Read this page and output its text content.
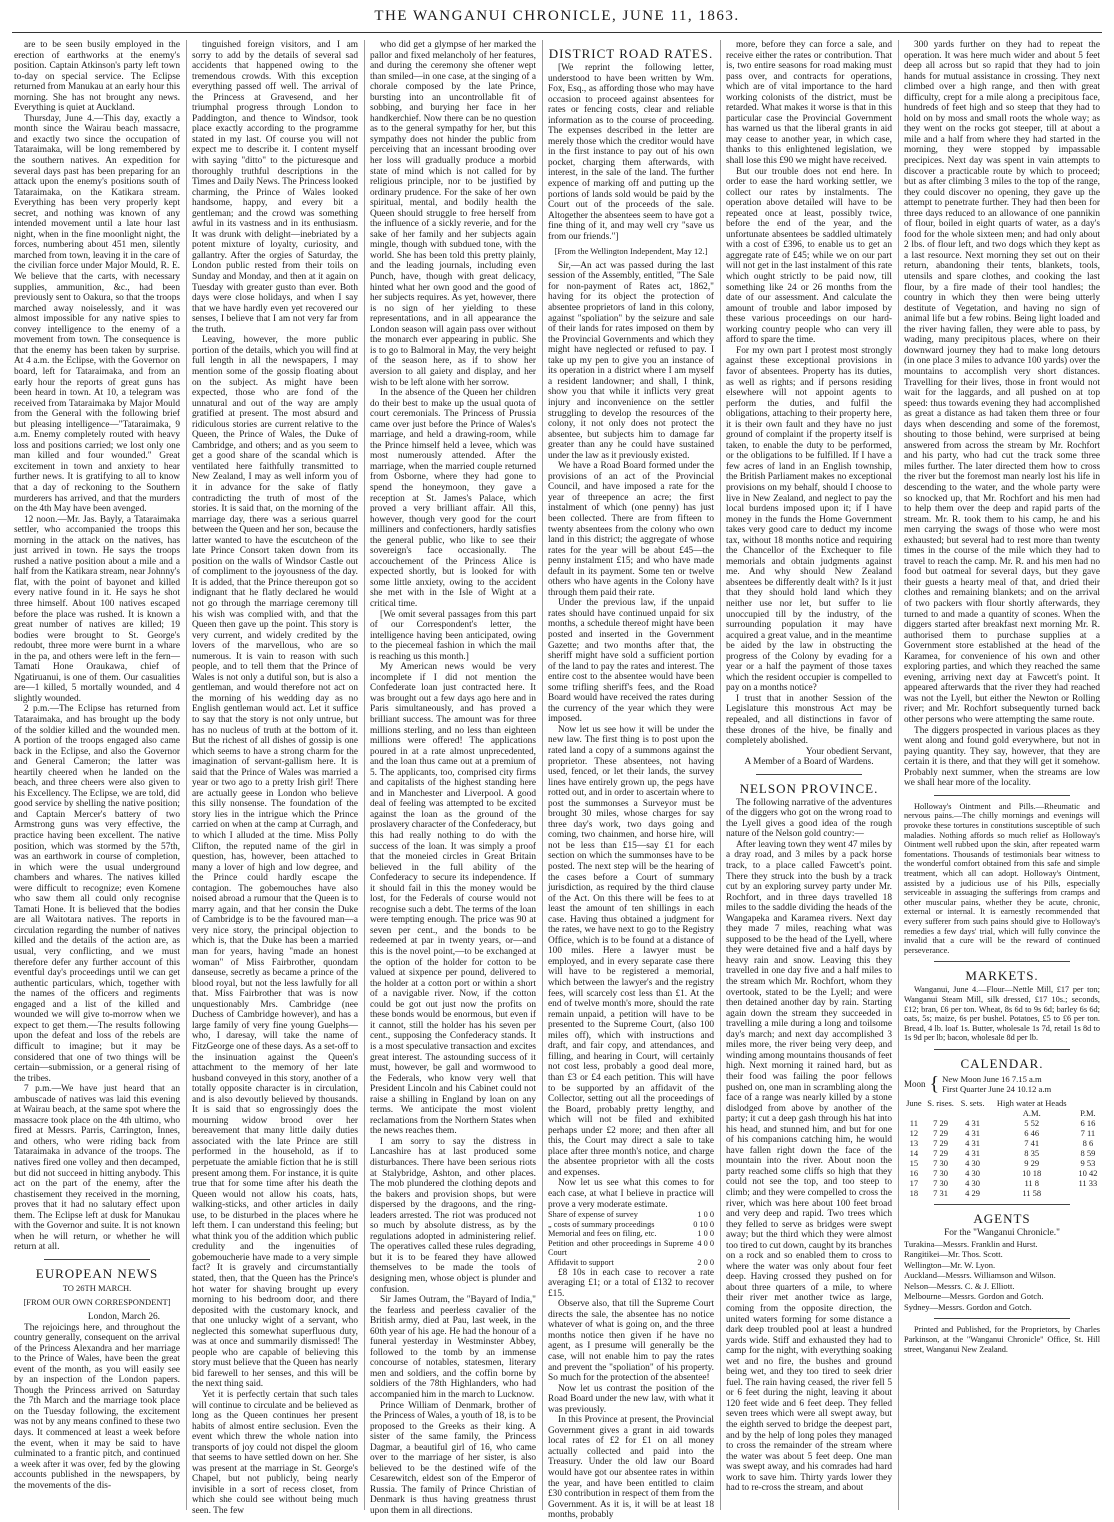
THE WANGANUI CHRONICLE, JUNE 11, 1863.

are to be seen busily employed in the erection of earthworks at the enemy's position. Captain Atkinson's party left town to-day on special service. The Eclipse returned from Manukau at an early hour this morning. She has not brought any news. Everything is quiet at Auckland.

Thursday, June 4.—This day, exactly a month since the Wairau beach massacre, and exactly two since the occupation of Tataraimaka, will be long remembered by the southern natives. An expedition for several days past has been preparing for an attack upon the enemy's positions south of Tataraimaka, on the Katikara stream. Everything has been very properly kept secret, and nothing was known of any intended movement until a late hour last night, when in the fine moonlight night, the forces, numbering about 451 men, silently marched from town, leaving it in the care of the civilian force under Major Mould, R. E. We believe that the carts, with necessary supplies, ammunition, &c., had been previously sent to Oakura, so that the troops marched away noiselessly, and it was almost impossible for any native spies to convey intelligence to the enemy of a movement from town. The consequence is that the enemy has been taken by surprise. At 4 a.m. the Eclipse, with the Governor on board, left for Tataraimaka, and from an early hour the reports of great guns has been heard in town. At 10, a telegram was received from Tataraimaka by Major Mould from the General with the following brief but pleasing intelligence—"Tataraimaka, 9 a.m. Enemy completely routed with heavy loss and positions carried; we lost only one man killed and four wounded." Great excitement in town and anxiety to hear further news. It is gratifying to all to know that a day of reckoning to the Southern murderers has arrived, and that the murders on the 4th May have been avenged.

12 noon.—Mr. Jas. Bayly, a Tataraimaka settler, who accompanied the troops this morning in the attack on the natives, has just arrived in town. He says the troops rushed a native position about a mile and a half from the Katikara stream, near Johnny's flat, with the point of bayonet and killed every native found in it. He says he shot three himself. About 100 natives escaped before the place was rushed. It is known a great number of natives are killed; 19 bodies were brought to St. George's redoubt, three more were burnt in a whare in the pa, and others were left in the fern—Tamati Hone Oraukawa, chief of Ngatiruanui, is one of them. Our casualities are—1 killed, 5 mortally wounded, and 4 slightly wounded.

2 p.m.—The Eclipse has returned from Tataraimaka, and has brought up the body of the soldier killed and the wounded men. A portion of the troops engaged also came back in the Eclipse, and also the Governor and General Cameron; the latter was heartily cheered when he landed on the beach, and three cheers were also given to his Excellency. The Eclipse, we are told, did good service by shelling the native position; and Captain Mercer's battery of two Armstrong guns was very effective, the practice having been excellent. The native position, which was stormed by the 57th, was an earthwork in course of completion, in which were the usual underground chambers and whares. The natives killed were difficult to recognize; even Komene who saw them all could only recognise Tamati Hone. It is believed that the bodies are all Waitotara natives. The reports in circulation regarding the number of natives killed and the details of the action are, as usual, very conflicting, and we must therefore defer any further account of this eventful day's proceedings until we can get authentic particulars, which, together with the names of the officers and regiments engaged and a list of the killed and wounded we will give to-morrow when we expect to get them.—The results following upon the defeat and loss of the rebels are difficult to imagine; but it may be considered that one of two things will be certain—submission, or a general rising of the tribes.

7 p.m.—We have just heard that an ambuscade of natives was laid this evening at Wairau beach, at the same spot where the massacre took place on the 4th ultimo, who fired at Messrs. Parris, Carrington, Innes, and others, who were riding back from Tataraimaka in advance of the troops. The natives fired one volley and then decamped, but did not succeed in hitting anybody. This act on the part of the enemy, after the chastisement they received in the morning, proves that it had no salutary effect upon them. The Eclipse left at dusk for Manukau with the Governor and suite. It is not known when he will return, or whether he will return at all.

EUROPEAN NEWS

TO 26TH MARCH.

[FROM OUR OWN CORRESPONDENT]

London, March 26.

The rejoicings here, and throughout the country generally, consequent on the arrival of the Princess Alexandra and her marriage to the Prince of Wales, have been the great event of the month, as you will easily see by an inspection of the London papers. Though the Princess arrived on Saturday the 7th March and the marriage took place on the Tuesday following, the excitement was not by any means confined to these two days. It commenced at least a week before the event, when it may be said to have culminated to a frantic pitch, and continued a week after it was over, fed by the glowing accounts published in the newspapers, by the movements of the dis-

tinguished foreign visitors, and I am sorry to add by the details of several sad accidents that happened owing to the tremendous crowds. With this exception everything passed off well. The arrival of the Princess at Gravesend, and her triumphal progress through London to Paddington, and thence to Windsor, took place exactly according to the programme stated in my last. Of course you will not expect me to describe it. I content myself with saying "ditto" to the picturesque and thoroughly truthful descriptions in the Times and Daily News. The Princess looked charming, the Prince of Wales looked handsome, happy, and every bit a gentleman; and the crowd was something awful in its vastness and in its enthusiasm. It was drunk with delight—inebriated by a potent mixture of loyalty, curiosity, and gallantry. After the orgies of Saturday, the London public rested from their toils on Sunday and Monday, and then at it again on Tuesday with greater gusto than ever. Both days were close holidays, and when I say that we have hardly even yet recovered our senses, I believe that I am not very far from the truth.

Leaving, however, the more public portion of the details, which you will find at full length in all the newspapers, I may mention some of the gossip floating about on the subject. As might have been expected, those who are fond of the unnatural and out of the way are amply gratified at present. The most absurd and ridiculous stories are current relative to the Queen, the Prince of Wales, the Duke of Cambridge, and others; and as you seem to get a good share of the scandal which is ventilated here faithfully transmitted to New Zealand, I may as well inform you of it in advance for the sake of flatly contradicting the truth of most of the stories. It is said that, on the morning of the marriage day, there was a serious quarrel between the Queen and her son, because the latter wanted to have the escutcheon of the late Prince Consort taken down from its position on the walls of Windsor Castle out of compliment to the joyousness of the day. It is added, that the Prince thereupon got so indignant that he flatly declared he would not go through the marriage ceremony till his wish was complied with, and that the Queen then gave up the point. This story is very current, and widely credited by the lovers of the marvellous, who are so numerous. It is vain to reason with such people, and to tell them that the Prince of Wales is not only a dutiful son, but is also a gentleman, and would therefore not act on the morning of his wedding day as no English gentleman would act. Let it suffice to say that the story is not only untrue, but has no nucleus of truth at the bottom of it. But the richest of all dishes of gossip is one which seems to have a strong charm for the imagination of servant-gallism here. It is said that the Prince of Wales was married a year or two ago to a pretty Irish girl! There are actually geese in London who believe this silly nonsense. The foundation of the story lies in the intrigue which the Prince carried on when at the camp at Curragh, and to which I alluded at the time. Miss Polly Clifton, the reputed name of the girl in question, has, however, been attached to many a lover of high and low degree, and the Prince could hardly escape the contagion. The gobemouches have also noised abroad a rumour that the Queen is to marry again, and that her consin the Duke of Cambridge is to be the favoured man—a very nice story, the principal objection to which is, that the Duke has been a married man for years, having "made an honest woman" of Miss Fairbrother, quondam danseuse, secretly as became a prince of the blood royal, but not the less lawfully for all that. Miss Fairbrother that was is now unquestionably Mrs. Cambridge (nee Duchess of Cambridge however), and has a large family of very fine young Guelphs—who, I daresay, will take the name of FitzGeorge one of these days. As a set-off to the insinuation against the Queen's attachment to the memory of her late husband conveyed in this story, another of a totally opposite character is in circulation, and is also devoutly believed by thousands. It is said that so engrossingly does the mourning widow brood over her bereavement that many little daily duties associated with the late Prince are still performed in the household, as if to perpetuate the amiable fiction that he is still present among them. For instance, it is quite true that for some time after his death the Queen would not allow his coats, hats, walking-sticks, and other articles in daily use, to be disturbed in the places where he left them. I can understand this feeling; but what think you of the addition which public credulity and the ingenuities of gobemoucherie have made to a very simple fact? It is gravely and circumstantially stated, then, that the Queen has the Prince's hot water for shaving brought up every morning to his bedroom door, and there deposited with the customary knock, and that one unlucky wight of a servant, who neglected this somewhat superfluous duty, was at once and summarily dismissed! The people who are capable of believing this story must believe that the Queen has nearly bid farewell to her senses, and this will be the next thing said.

Yet it is perfectly certain that such tales will continue to circulate and be believed as long as the Queen continues her present habits of almost entire seclusion. Even the event which threw the whole nation into transports of joy could not dispel the gloom that seems to have settled down on her. She was present at the marriage in St. George's Chapel, but not publicly, being nearly invisible in a sort of recess closet, from which she could see without being much seen. The few

who did get a glympse of her marked the pallor and fixed melancholy of her features, and during the ceremony she oftener wept than smiled—in one case, at the singing of a chorale composed by the late Prince, bursting into an uncontrollable fit of sobbing, and burying her face in her handkerchief. Now there can be no question as to the general sympathy for her, but this sympathy does not hinder the public from perceiving that an incessant brooding over her loss will gradually produce a morbid state of mind which is not called for by religious principle, nor to be justified by ordinary prudence. For the sake of her own spiritual, mental, and bodily health the Queen should struggle to free herself from the influence of a sickly reverie, and for the sake of her family and her subjects again mingle, though with subdued tone, with the world. She has been told this pretty plainly, and the leading journals, including even Punch, have, though with great delicacy, hinted what her own good and the good of her subjects requires. As yet, however, there is no sign of her yielding to these representations, and in all appearance the London season will again pass over without the monarch ever appearing in public. She is to go to Balmoral in May, the very height of the season here, as if to show her aversion to all gaiety and display, and her wish to be left alone with her sorrow.

In the absence of the Queen her children do their best to make up the usual quota of court ceremonials. The Princess of Prussia came over just before the Prince of Wales's marriage, and held a drawing-room, while the Prince himself held a levee, which was most numerously attended. After the marriage, when the married couple returned from Osborne, where they had gone to spend the honeymoon, they gave a reception at St. James's Palace, which proved a very brilliant affair. All this, however, though very good for the court milliners and confectioners, hardly satisfies the general public, who like to see their sovereign's face occasionally. The accouchement of the Princess Alice is expected shortly, but is looked for with some little anxiety, owing to the accident she met with in the Isle of Wight at a critical time.

[We omit several passages from this part of our Correspondent's letter, the intelligence having been anticipated, owing to the piecemeal fashion in which the mail is reaching us this month.]

My American news would be very incomplete if I did not mention the Confederate loan just contracted here. It was brought out a few days ago here and in Paris simultaneously, and has proved a brilliant success. The amount was for three millions sterling, and no less than eighteen millions were offered! The applications poured in at a rate almost unprecedented, and the loan thus came out at a premium of 5. The applicants, too, comprised city firms and capitalists of the highest standing here and in Manchester and Liverpool. A good deal of feeling was attempted to be excited against the loan as the ground of the proslavery character of the Confederacy, but this had really nothing to do with the success of the loan. It was simply a proof that the moneied circles in Great Britain believed in the full ability of the Confederacy to secure its independence. If it should fail in this the money would be lost, for the Federals of course would not recognise such a debt. The terms of the loan were tempting enough. The price was 90 at seven per cent., and the bonds to be redeemed at par in twenty years, or—and this is the novel point,—to be exchanged at the option of the holder for cotton to be valued at sixpence per pound, delivered to the holder at a cotton port or within a short of a navigable river. Now, if the cotton could be got out just now the profits on these bonds would be enormous, but even if it cannot, still the holder has his seven per cent., supposing the Confederacy stands. It is a most speculative transaction and excites great interest. The astounding success of it must, however, be gall and wormwood to the Federals, who know very well that President Lincoln and his Cabinet could not raise a shilling in England by loan on any terms. We anticipate the most violent reclamations from the Northern States when the news reaches them.

I am sorry to say the distress in Lancashire has at last produced some disturbances. There have been serious riots at Stalybridge, Ashton, and other places. The mob plundered the clothing depots and the bakers and provision shops, but were dispersed by the dragoons, and the ring-leaders arrested. The riot was produced not so much by absolute distress, as by the regulations adopted in administering relief. The operatives called these rules degrading, but it is to be feared they have allowed themselves to be made the tools of designing men, whose object is plunder and confusion.

Sir James Outram, the "Bayard of India," the fearless and peerless cavalier of the British army, died at Pau, last week, in the 60th year of his age. He had the honour of a funeral yesterday in Westminster Abbey, followed to the tomb by an immense concourse of notables, statesmen, literary men and soldiers, and the coffin borne by soldiers of the 78th Highlanders, who had accompanied him in the march to Lucknow.

Prince William of Denmark, brother of the Princess of Wales, a youth of 18, is to be proposed to the Greeks as their king. A sister of the same family, the Princess Dagmar, a beautiful girl of 16, who came over to the marriage of her sister, is also believed to be the destined wife of the Cesarewitch, eldest son of the Emperor of Russia. The family of Prince Christian of Denmark is thus having greatness thrust upon them in all directions.

DISTRICT ROAD RATES.

[We reprint the following letter, understood to have been written by Wm. Fox, Esq., as affording those who may have occasion to proceed against absentees for rates or fencing costs, clear and reliable information as to the course of proceeding. The expenses described in the letter are merely those which the creditor would have in the first instance to pay out of his own pocket, charging them afterwards, with interest, in the sale of the land. The further expence of marking off and putting up the portions of lands sold would be paid by the Court out of the proceeds of the sale. Altogether the absentees seem to have got a fine thing of it, and may well cry "save us from our friends."]

[From the Wellington Independent, May 12.]

Sir,—An act was passed during the last session of the Assembly, entitled, "The Sale for non-payment of Rates act, 1862," having for its object the protection of absentee proprietors of land in this colony, against "spoliation" by the seizure and sale of their lands for rates imposed on them by the Provincial Governments and which they might have neglected or refused to pay. I take up my pen to give you an instance of its operation in a district where I am myself a resident landowner; and shall, I think, show you that while it inflicts very great injury and inconvenience on the settler struggling to develop the resources of the colony, it not only does not protect the absentee, but subjects him to damage far greater than any he could have sustained under the law as it previously existed.

We have a Road Board formed under the provisions of an act of the Provincial Council, and have imposed a rate for the year of threepence an acre; the first instalment of which (one penny) has just been collected. There are from fifteen to twenty absentees from the colony who own land in this district; the aggregate of whose rates for the year will be about £45—the penny instalment £15; and who have made default in its payment. Some ten or twelve others who have agents in the Colony have through them paid their rate.

Under the previous law, if the unpaid rates should have continued unpaid for six months, a schedule thereof might have been posted and inserted in the Government Gazette; and two months after that, the sheriff might have sold a sufficient portion of the land to pay the rates and interest. The entire cost to the absentee would have been some trifling sheriff's fees, and the Road Board would have received the rates during the currency of the year which they were imposed.

Now let us see how it will be under the new law. The first thing is to post upon the rated land a copy of a summons against the proprietor. These absentees, not having used, fenced, or let their lands, the survey lines have entirely grown up, the pegs have rotted out, and in order to ascertain where to post the summonses a Surveyor must be brought 30 miles, whose charges for say three day's work, two days going and coming, two chainmen, and horse hire, will not be less than £15—say £1 for each section on which the summonses have to be posted. The next step will be the hearing of the cases before a Court of summary jurisdiction, as required by the third clause of the Act. On this there will be fees to at least the amount of ten shillings in each case. Having thus obtained a judgment for the rates, we have next to go to the Registry Office, which is to be found at a distance of 100 miles. Here a lawyer must be employed, and in every separate case there will have to be registered a memorial, which between the lawyer's and the registry fees, will scarcely cost less than £1. At the end of twelve month's more, should the rate remain unpaid, a petition will have to be presented to the Supreme Court, (also 100 miles off), which with instructions and draft, and fair copy, and attendances, and filling, and hearing in Court, will certainly not cost less, probably a good deal more, than £3 or £4 each petition. This will have to be supported by an affidavit of the Collector, setting out all the proceedings of the Board, probably pretty lengthy, and which will not be filed and exhibited perhaps under £2 more; and then after all this, the Court may direct a sale to take place after three month's notice, and charge the absentee proprietor with all the costs and expenses.

Now let us see what this comes to for each case, at what I believe in practice will prove a very moderate estimate.

Share of expense of survey	1 0 0
„ costs of summary proceedings	0 10 0
Memorial and fees on filing, etc.	1 0 0
Petition and other proceedings in Supreme Court
4 0 0
Affidavit to support	2 0 0

£8 10s in each case to recover a rate averaging £1; or a total of £132 to recover £15.

Observe also, that till the Supreme Court directs the sale, the absentee has no notice whatever of what is going on, and the three months notice then given if he have no agent, as I presume will generally be the case, will not enable him to pay the rates and prevent the "spoliation" of his property. So much for the protection of the absentee!

Now let us contrast the position of the Road Board under the new law, with what it was previously.

In this Province at present, the Provincial Government gives a grant in aid towards local rates of £2 for £1 on all money actually collected and paid into the Treasury. Under the old law our Board would have got our absentee rates in within the year, and have been entitled to claim £30 contribution in respect of them from the Government. As it is, it will be at least 18 months, probably

more, before they can force a sale, and receive either the rates or contribution. That is, two entire seasons for road making must pass over, and contracts for operations, which are of vital importance to the hard working colonists of the district, must be retarded. What makes it worse is that in this particular case the Provincial Government has warned us that the liberal grants in aid may cease to another year, in which case, thanks to this enlightened legislation, we shall lose this £90 we might have received.

But our trouble does not end here. In order to ease the hard working settler, we collect our rates by instalments. The operation above detailed will have to be repeated once at least, possibly twice, before the end of the year, and the unfortunate absentees be saddled ultimately with a cost of £396, to enable us to get an aggregate rate of £45; while we on our part will not get in the last instalment of this rate which ought strictly to be paid now, till something like 24 or 26 months from the date of our assessment. And calculate the amount of trouble and labor imposed by these various proceedings on our hard-working country people who can very ill afford to spare the time.

For my own part I protest most strongly against these exceptional provisions in favor of absentees. Property has its duties, as well as rights; and if persons residing elsewhere will not appoint agents to perform the duties, and fulfil the obligations, attaching to their property here, it is their own fault and they have no just ground of complaint if the property itself is taken, to enable the duty to be performed, or the obligations to be fulfilled. If I have a few acres of land in an English township, the British Parliament makes no exceptional provisions on my behalf, should I choose to live in New Zealand, and neglect to pay the local burdens imposed upon it; if I have money in the funds the Home Government takes very good care to deduct my income tax, without 18 months notice and requiring the Chancellor of the Exchequer to file memorials and obtain judgments against me. And why should New Zealand absentees be differently dealt with? Is it just that they should hold land which they neither use nor let, but suffer to lie unoccupied till by the industry, of the surrounding population it may have acquired a great value, and in the meantime be aided by the law in obstructing the progress of the Colony by evading for a year or a half the payment of those taxes which the resident occupier is compelled to pay on a months notice?

I trust that in another Session of the Legislature this monstrous Act may be repealed, and all distinctions in favor of these drones of the hive, be finally and completely abolished.

Your obedient Servant,

A Member of a Board of Wardens.

NELSON PROVINCE.

The following narrative of the adventures of the diggers who got on the wrong road to the Lyell gives a good idea of the rough nature of the Nelson gold country:—

After leaving town they went 47 miles by a dray road, and 3 miles by a pack horse track, to a place called Fawcett's point. There they struck into the bush by a track cut by an exploring survey party under Mr. Rochfort, and in three days travelled 18 miles to the saddle dividing the heads of the Wangapeka and Karamea rivers. Next day they made 7 miles, reaching what was supposed to be the head of the Lyell, where they were detained five and a half days by heavy rain and snow. Leaving this they travelled in one day five and a half miles to the stream which Mr. Rochfort, whom they overtook, stated to be the Lyell; and were then detained another day by rain. Starting again down the stream they succeeded in travelling a mile during a long and toilsome day's march; and next day accomplished 3 miles more, the river being very deep, and winding among mountains thousands of feet high. Next morning it rained hard, but as their food was failing the poor fellows pushed on, one man in scrambling along the face of a range was nearly killed by a stone dislodged from above by another of the party; it cut a deep gash through his hat into his head, and stunned him, and but for one of his companions catching him, he would have fallen right down the face of the mountain into the river. About noon the party reached some cliffs so high that they could not see the top, and too steep to climb; and they were compelled to cross the river, which was here about 100 feet broad and very deep and rapid. Two trees which they felled to serve as bridges were swept away; but the third which they were almost too tired to cut down, caught by its branches on a rock and so enabled them to cross to where the water was only about four feet deep. Having crossed they pushed on for about three quarters of a mile, to where their river met another twice as large, coming from the opposite direction, the united waters forming for some distance a dark deep troubled pool at least a hundred yards wide. Stiff and exhausted they had to camp for the night, with everything soaking wet and no fire, the bushes and ground being wet, and they too tired to seek drier fuel. The rain having ceased, the river fell 5 or 6 feet during the night, leaving it about 120 feet wide and 6 feet deep. They felled seven trees which were all swept away, but the eighth served to bridge the deepest part, and by the help of long poles they managed to cross the remainder of the stream where the water was about 5 feet deep. One man was swept away, and his comrades had hard work to save him. Thirty yards lower they had to re-cross the stream, and about

300 yards further on they had to repeat the operation. It was here much wider and about 5 feet deep all across but so rapid that they had to join hands for mutual assistance in crossing. They next climbed over a high range, and then with great difficulty, crept for a mile along a precipitous face, hundreds of feet high and so steep that they had to hold on by moss and small roots the whole way; as they went on the rocks got steeper, till at about a mile and a half from where they had started in the morning, they were stopped by impassable precipices. Next day was spent in vain attempts to discover a practicable route by which to proceed; but as after climbing 3 miles to the top of the range, they could discover no opening, they gave up the attempt to penetrate further. They had then been for three days reduced to an allowance of one pannikin of flour, boiled in eight quarts of water, as a day's food for the whole sixteen men; and had only about 2 lbs. of flour left, and two dogs which they kept as a last resource. Next morning they set out on their return, abandoning their tents, blankets, tools, utensils and spare clothes, and cooking the last flour, by a fire made of their tool handles; the country in which they then were being utterly destitute of Vegetation, and having no sign of animal life but a few robins. Being light loaded and the river having fallen, they were able to pass, by wading, many precipitous places, where on their downward journey they had to make long detours (in one place 3 miles to advance 100 yards) over the mountains to accomplish very short distances. Travelling for their lives, those in front would not wait for the laggards, and all pushed on at top speed: thus towards evening they had accomplished as great a distance as had taken them three or four days when descending and some of the foremost, shouting to those behind, were surprised at being answered from across the stream by Mr. Rochfort and his party, who had cut the track some three miles further. The later directed them how to cross the river but the foremost man nearly lost his life in descending to the water, and the whole party were so knocked up, that Mr. Rochfort and his men had to help them over the deep and rapid parts of the stream. Mr. R. took them to his camp, he and his men carrying the swags of those who were most exhausted; but several had to rest more than twenty times in the course of the mile which they had to travel to reach the camp. Mr. R. and his men had no food but oatmeal for several days, but they gave their guests a hearty meal of that, and dried their clothes and remaining blankets; and on the arrival of two packers with flour shortly afterwards, they turned to and made a quantity of scones. When the diggers started after breakfast next morning Mr. R. authorised them to purchase supplies at a Government store established at the head of the Karamea, for convenience of his own and other exploring parties, and which they reached the same evening, arriving next day at Fawcett's point. It appeared afterwards that the river they had reached was not the Lyell, but either the Newton or Rolling river; and Mr. Rochfort subsequently turned back other persons who were attempting the same route.

The diggers prospected in various places as they went along and found gold everywhere, but not in paying quantity. They say, however, that they are certain it is there, and that they will get it somehow. Probably next summer, when the streams are low we shall hear more of the locality.

Holloway's Ointment and Pills.—Rheumatic and nervous pains.—The chilly mornings and evenings will provoke these tortures in constitutions susceptible of such maladies. Nothing affords so much relief as Holloway's Ointment well rubbed upon the skin, after repeated warm fomentations. Thousands of testimonials bear witness to the wonderful comfort obtained from this safe and simple treatment, which all can adopt. Holloway's Ointment, assisted by a judicious use of his Pills, especially serviceable in assuaging the sufferings from cramps and other muscular pains, whether they be acute, chronic, external or internal. It is earnestly recommended that every sufferer from such pains should give to Holloway's remedies a few days' trial, which will fully convince the invalid that a cure will be the reward of continued perseverance.

MARKETS.

Wanganui, June 4.—Flour—Nettle Mill, £17 per ton; Wanganui Steam Mill, silk dressed, £17 10s.; seconds, £12; bran, £6 per ton. Wheat, 8s 6d to 9s 6d; barley 6s 6d; oats, 5s; maize, 6s per bushel. Potatoes, £5 to £6 per ton. Bread, 4 lb. loaf 1s. Butter, wholesale 1s 7d, retail 1s 8d to 1s 9d per lb; bacon, wholesale 8d per lb.

CALENDAR.

Moon { New Moon June 16 7.15 a.m
First Quarter June 24 10.12 a.m
June	S. rises.	S. sets.	High water at Heads	
			A.M.	P.M.
11	7 29	4 31	5 52	6 16
12	7 29	4 31	6 46	7 11
13	7 29	4 31	7 41	8 6
14	7 29	4 31	8 35	8 59
15	7 30	4 30	9 29	9 53
16	7 30	4 30	10 18	10 42
17	7 30	4 30	11 8	11 33
18	7 31	4 29	11 58	

AGENTS

For the "Wanganui Chronicle."

Turakina—Messrs. Franklin and Hurst.

Rangitikei—Mr. Thos. Scott.

Wellington—Mr. W. Lyon.

Auckland—Messrs. Williamson and Wilson.

Nelson—Messrs. C. & J. Elliott.

Melbourne—Messrs. Gordon and Gotch.

Sydney—Messrs. Gordon and Gotch.

Printed and Published, for the Proprietors, by Charles Parkinson, at the "Wanganui Chronicle" Office, St. Hill street, Wanganui New Zealand.
